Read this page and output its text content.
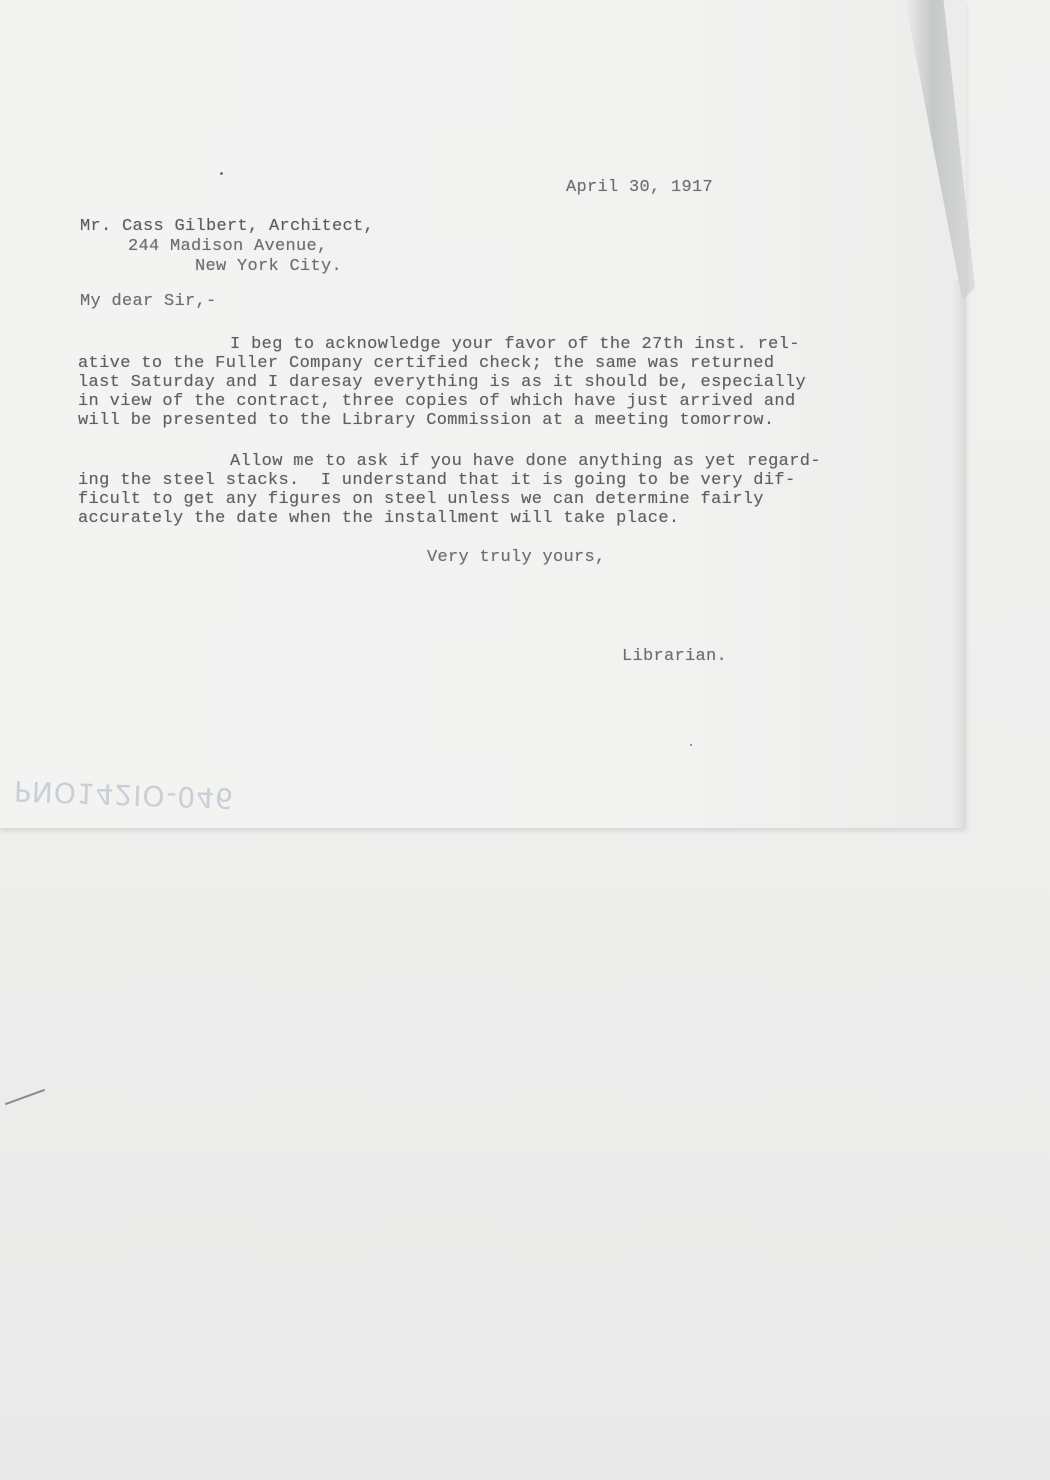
April 30, 1917

Mr. Cass Gilbert, Architect,

244 Madison Avenue,

New York City.

My dear Sir,-

I beg to acknowledge your favor of the 27th inst. rel-
ative to the Fuller Company certified check; the same was returned
last Saturday and I daresay everything is as it should be, especially
in view of the contract, three copies of which have just arrived and
will be presented to the Library Commission at a meeting tomorrow.
Allow me to ask if you have done anything as yet regard-
ing the steel stacks.  I understand that it is going to be very dif-
ficult to get any figures on steel unless we can determine fairly
accurately the date when the installment will take place.

Very truly yours,

Librarian.

PNO142IO-046
